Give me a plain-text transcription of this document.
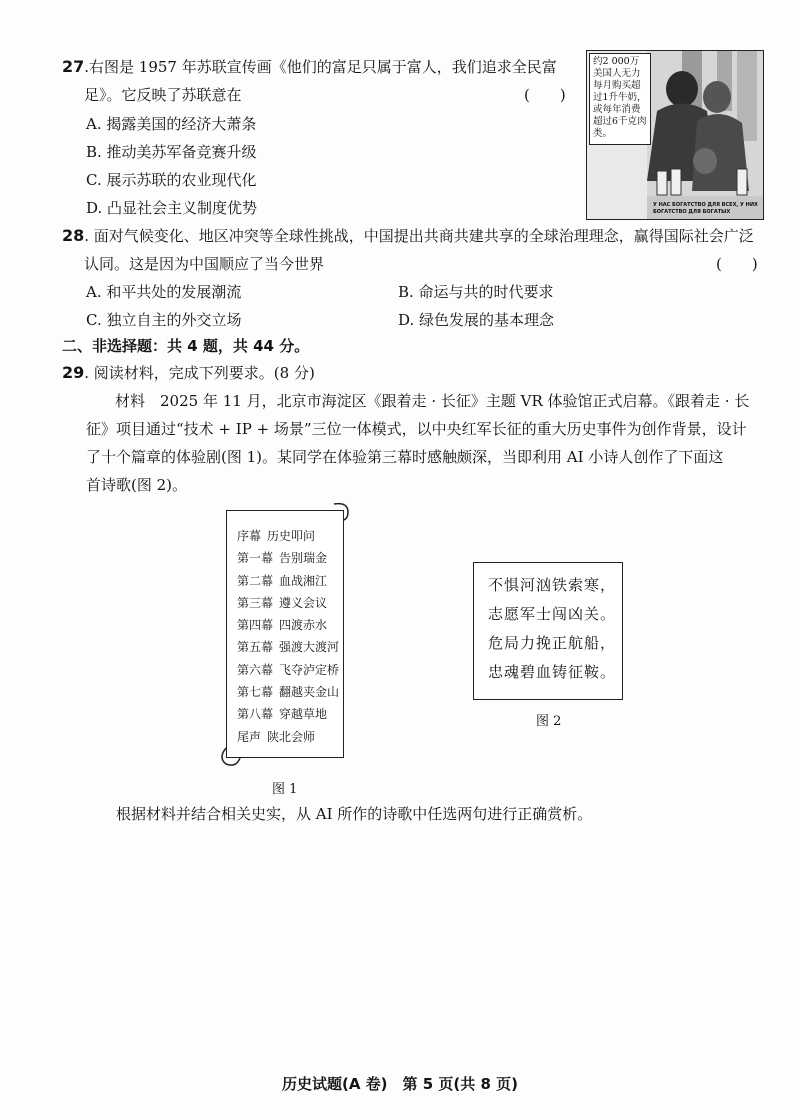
27.右图是 1957 年苏联宣传画《他们的富足只属于富人，我们追求全民富
足》。它反映了苏联意在	(　　)
A. 揭露美国的经济大萧条
B. 推动美苏军备竞赛升级
C. 展示苏联的农业现代化
D. 凸显社会主义制度优势
约2 000万美国人无力每月购买超过1升牛奶，或每年消费超过6千克肉类。
У НАС БОГАТСТВО ДЛЯ ВСЕХ, У НИХ БОГАТСТВО ДЛЯ БОГАТЫХ
28. 面对气候变化、地区冲突等全球性挑战，中国提出共商共建共享的全球治理理念，赢得国际社会广泛
认同。这是因为中国顺应了当今世界	(　　)
A. 和平共处的发展潮流	B. 命运与共的时代要求
C. 独立自主的外交立场	D. 绿色发展的基本理念
二、非选择题：共 4 题，共 44 分。
29. 阅读材料，完成下列要求。(8 分)
材料　2025 年 11 月，北京市海淀区《跟着走 · 长征》主题 VR 体验馆正式启幕。《跟着走 · 长
征》项目通过“技术 + IP + 场景”三位一体模式，以中央红军长征的重大历史事件为创作背景，设计
了十个篇章的体验剧(图 1)。某同学在体验第三幕时感触颇深，当即利用 AI 小诗人创作了下面这
首诗歌(图 2)。
序幕 历史叩问
第一幕 告别瑞金
第二幕 血战湘江
第三幕 遵义会议
第四幕 四渡赤水
第五幕 强渡大渡河
第六幕 飞夺泸定桥
第七幕 翻越夹金山
第八幕 穿越草地
尾声 陕北会师
图 1
不惧河汹铁索寒，
志愿军士闯凶关。
危局力挽正航船，
忠魂碧血铸征鞍。
图 2
根据材料并结合相关史实，从 AI 所作的诗歌中任选两句进行正确赏析。
历史试题(A 卷)　第 5 页(共 8 页)
